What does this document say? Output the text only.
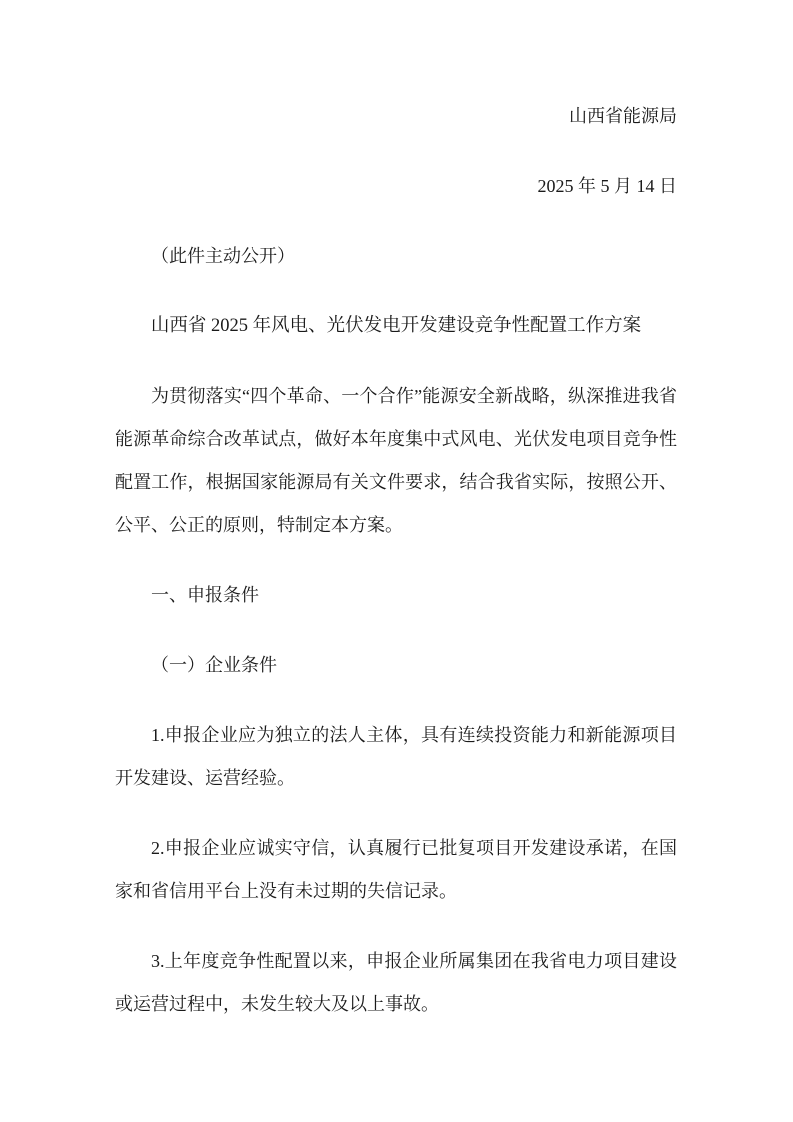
山西省能源局

2025 年 5 月 14 日

（此件主动公开）

山西省 2025 年风电、光伏发电开发建设竞争性配置工作方案

为贯彻落实“四个革命、一个合作”能源安全新战略，纵深推进我省能源革命综合改革试点，做好本年度集中式风电、光伏发电项目竞争性配置工作，根据国家能源局有关文件要求，结合我省实际，按照公开、公平、公正的原则，特制定本方案。

一、申报条件

（一）企业条件

1.申报企业应为独立的法人主体，具有连续投资能力和新能源项目开发建设、运营经验。

2.申报企业应诚实守信，认真履行已批复项目开发建设承诺，在国家和省信用平台上没有未过期的失信记录。

3.上年度竞争性配置以来，申报企业所属集团在我省电力项目建设或运营过程中，未发生较大及以上事故。
